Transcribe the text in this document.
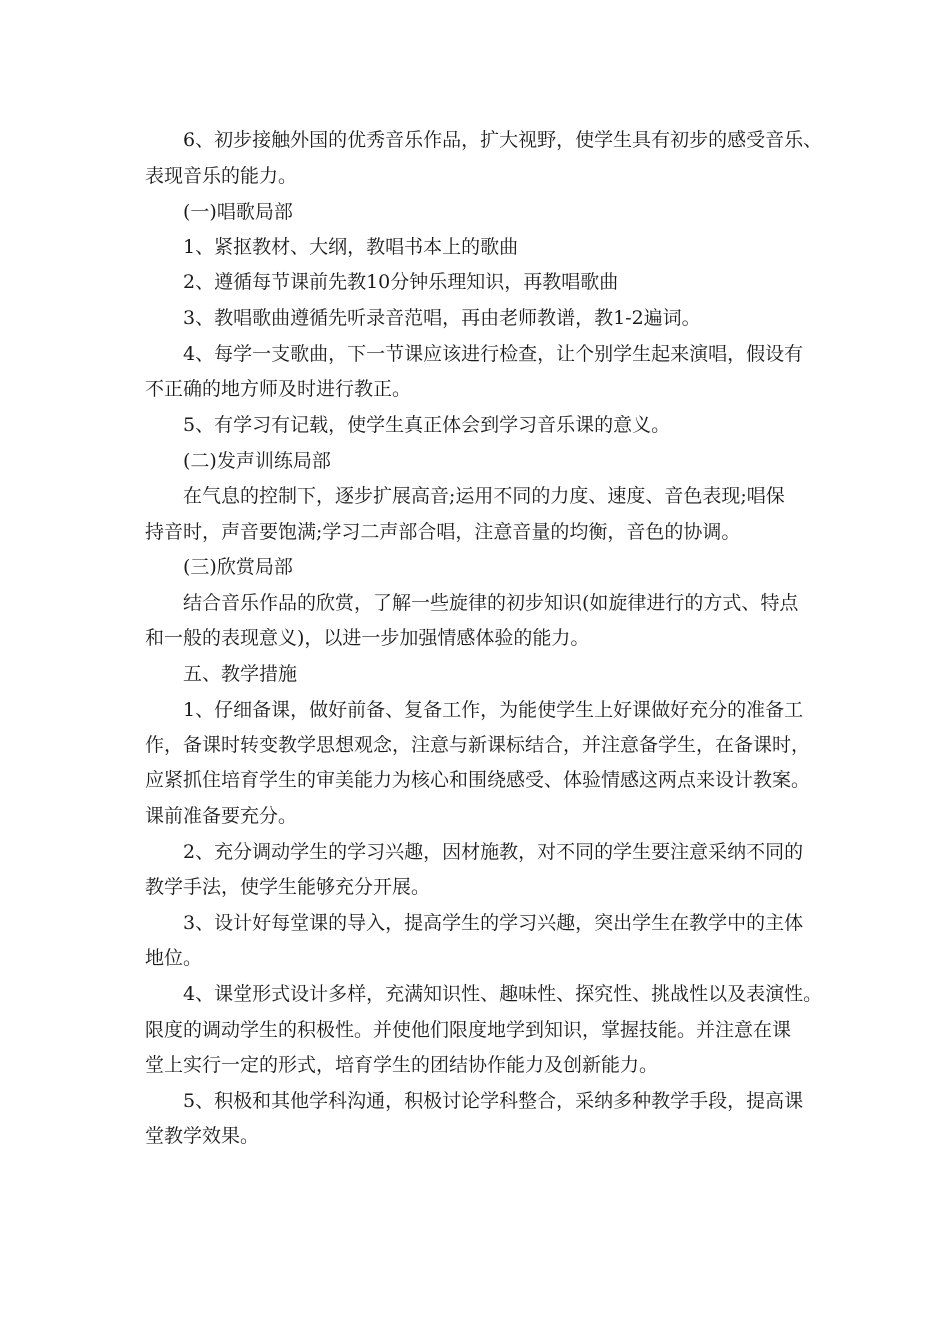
6、初步接触外国的优秀音乐作品，扩大视野，使学生具有初步的感受音乐、
表现音乐的能力。
(一)唱歌局部
1、紧抠教材、大纲，教唱书本上的歌曲
2、遵循每节课前先教10分钟乐理知识，再教唱歌曲
3、教唱歌曲遵循先听录音范唱，再由老师教谱，教1-2遍词。
4、每学一支歌曲，下一节课应该进行检查，让个别学生起来演唱，假设有
不正确的地方师及时进行教正。
5、有学习有记载，使学生真正体会到学习音乐课的意义。
(二)发声训练局部
在气息的控制下，逐步扩展高音;运用不同的力度、速度、音色表现;唱保
持音时，声音要饱满;学习二声部合唱，注意音量的均衡，音色的协调。
(三)欣赏局部
结合音乐作品的欣赏，了解一些旋律的初步知识(如旋律进行的方式、特点
和一般的表现意义)，以进一步加强情感体验的能力。
五、教学措施
1、仔细备课，做好前备、复备工作，为能使学生上好课做好充分的准备工
作，备课时转变教学思想观念，注意与新课标结合，并注意备学生，在备课时，
应紧抓住培育学生的审美能力为核心和围绕感受、体验情感这两点来设计教案。
课前准备要充分。
2、充分调动学生的学习兴趣，因材施教，对不同的学生要注意采纳不同的
教学手法，使学生能够充分开展。
3、设计好每堂课的导入，提高学生的学习兴趣，突出学生在教学中的主体
地位。
4、课堂形式设计多样，充满知识性、趣味性、探究性、挑战性以及表演性。
限度的调动学生的积极性。并使他们限度地学到知识，掌握技能。并注意在课
堂上实行一定的形式，培育学生的团结协作能力及创新能力。
5、积极和其他学科沟通，积极讨论学科整合，采纳多种教学手段，提高课
堂教学效果。
